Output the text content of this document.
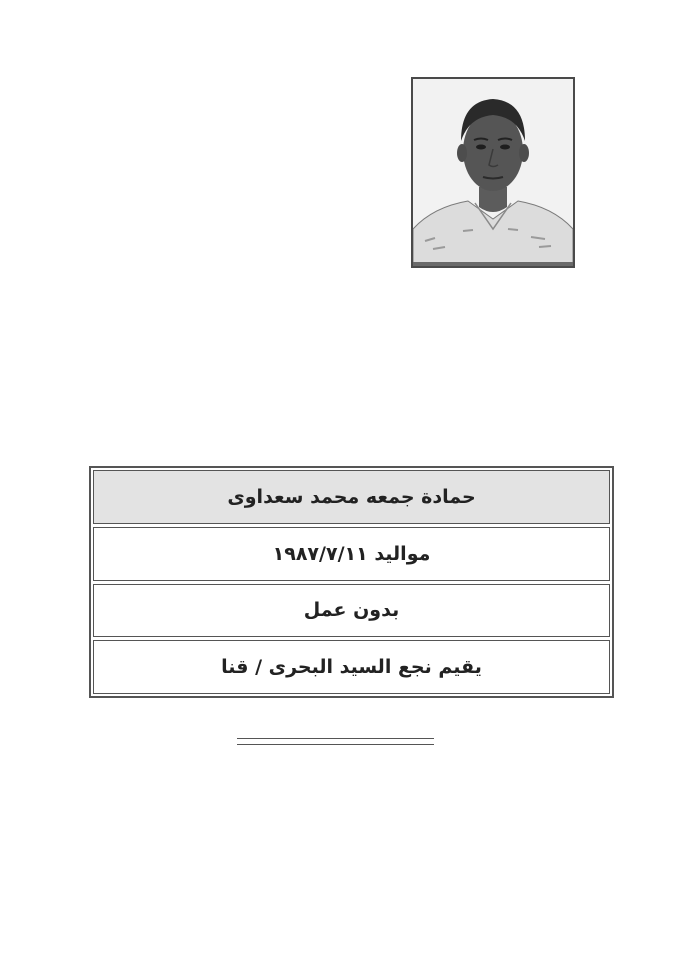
حمادة جمعه محمد سعداوى
مواليد ١٩٨٧/٧/١١
بدون عمل
يقيم نجع السيد البحرى / قنا
